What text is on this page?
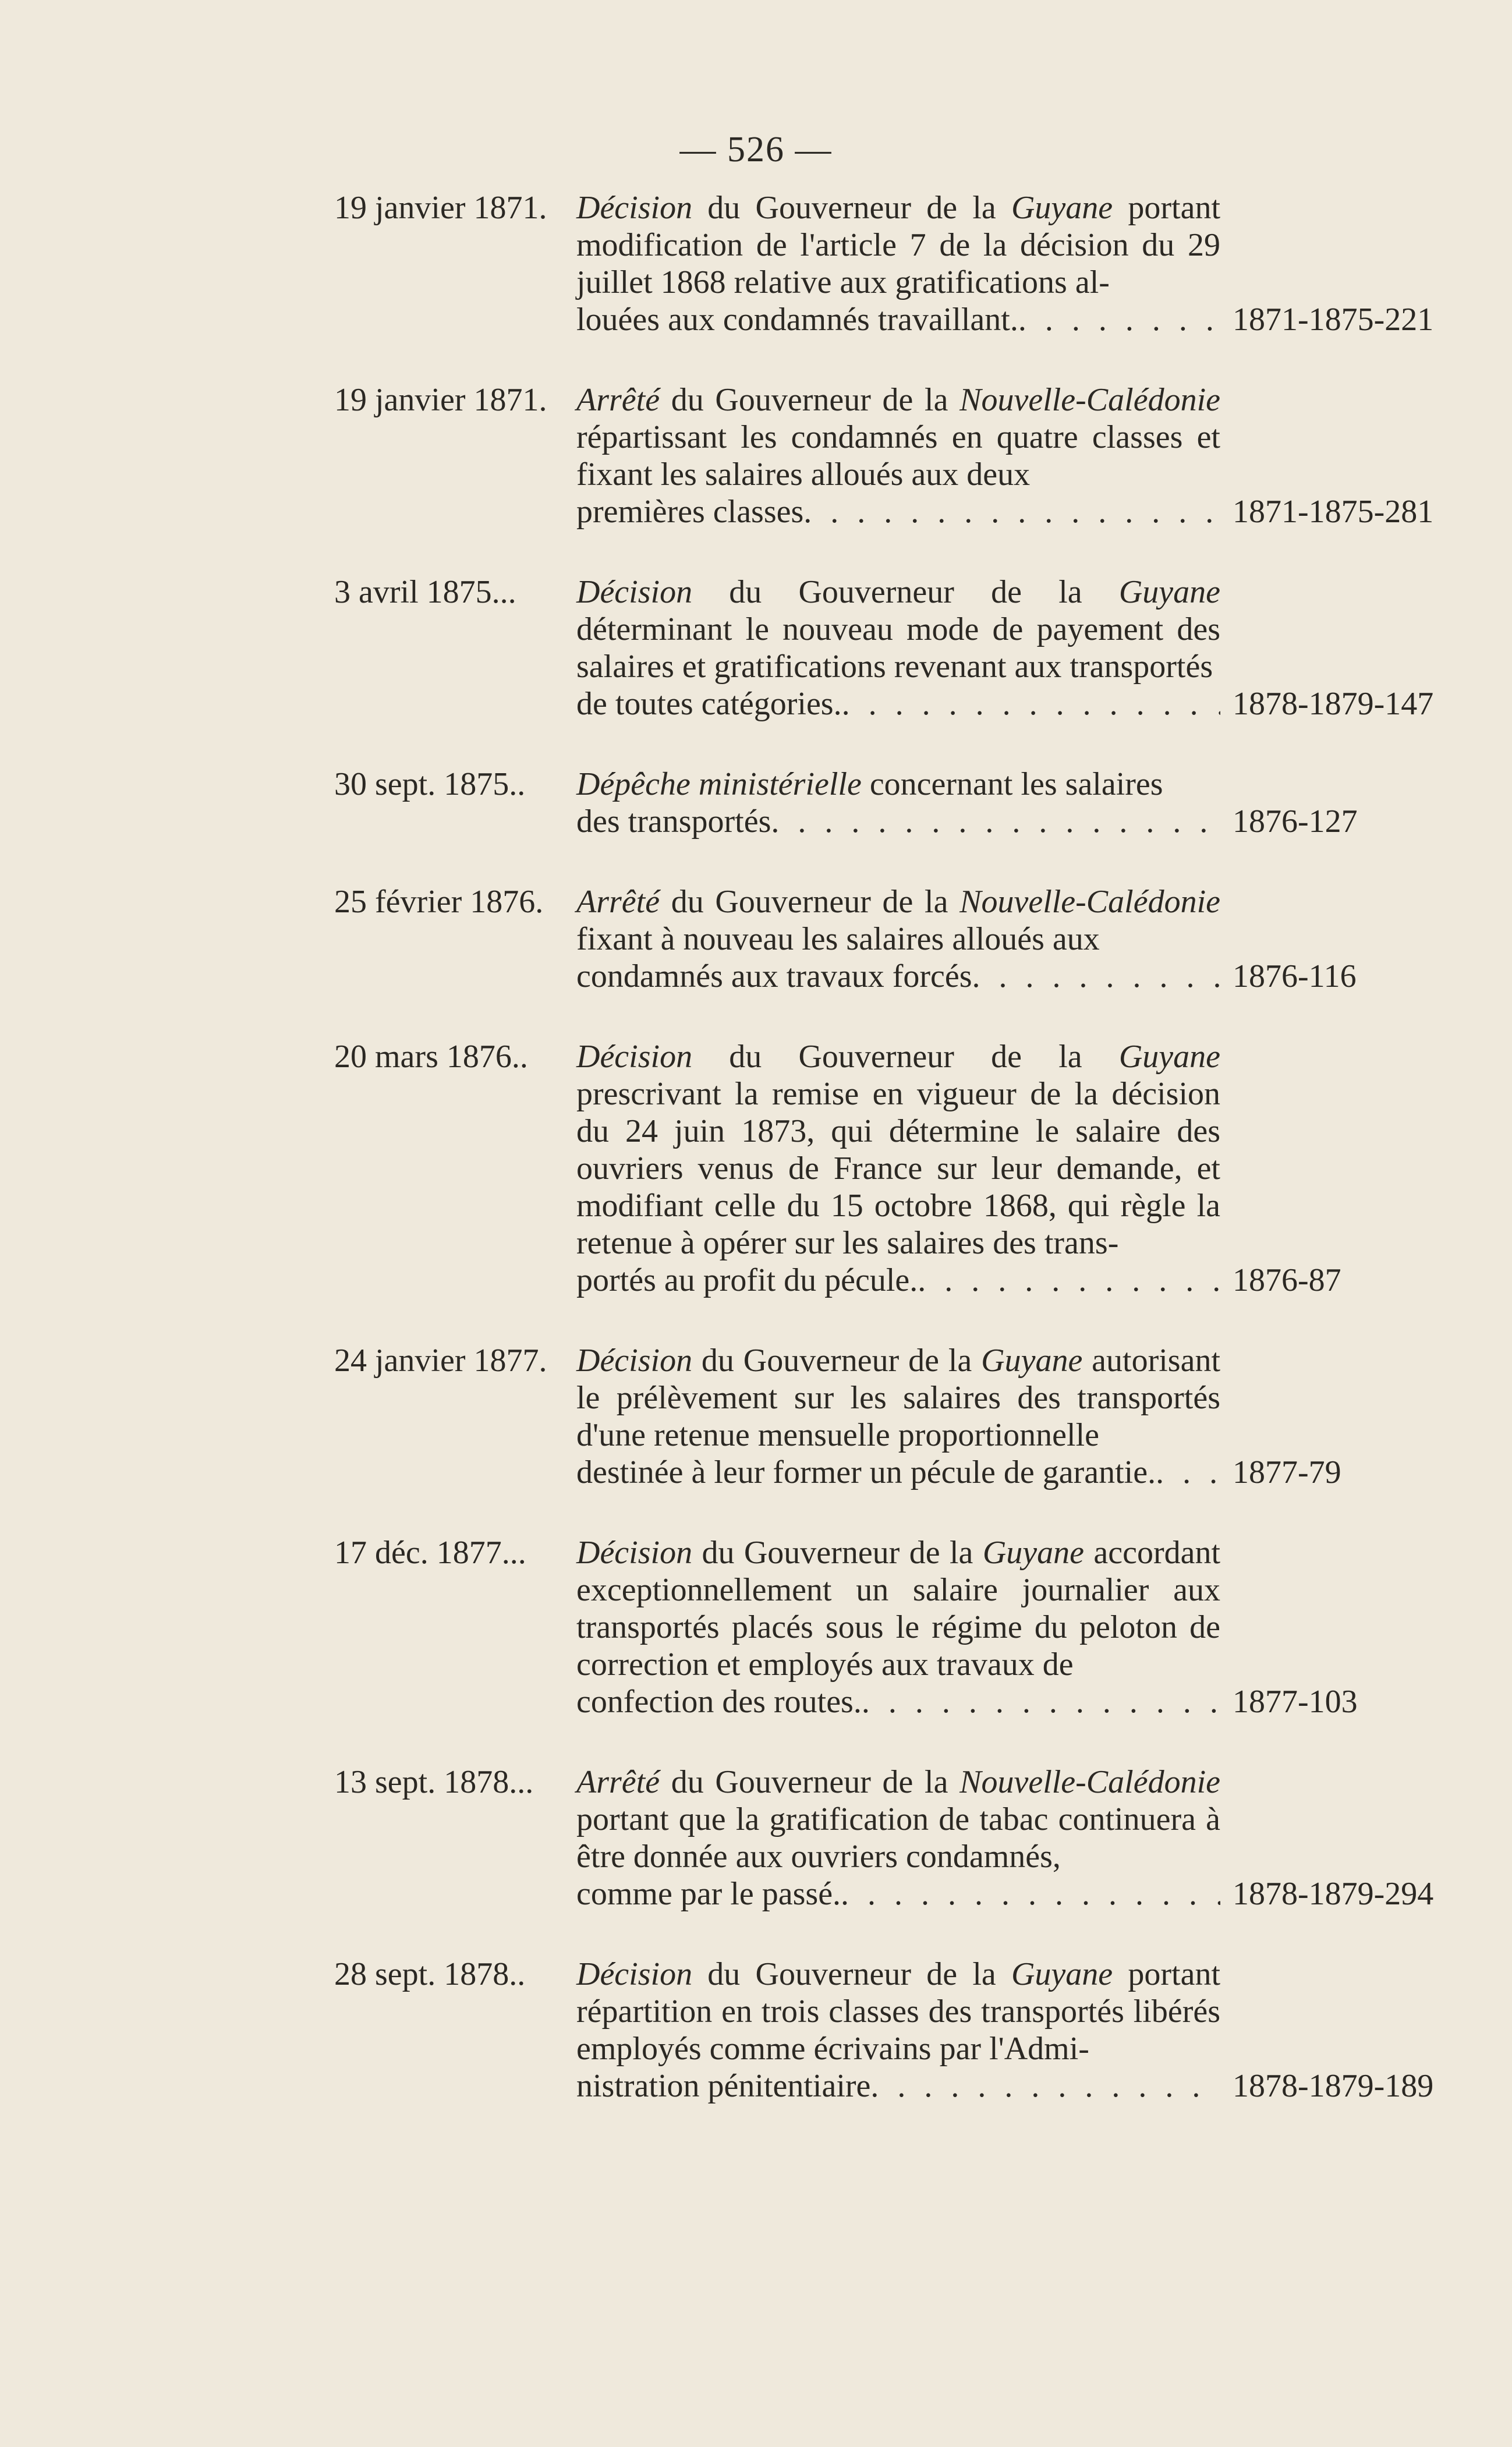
— 526 —
19 janvier 1871. Décision du Gouverneur de la Guyane portant modification de l'article 7 de la décision du 29 juillet 1868 relative aux gratifications al-
louées aux condamnés travaillant. . . .	1871-1875-221
19 janvier 1871. Arrêté du Gouverneur de la Nouvelle-Calédonie répartissant les condamnés en quatre classes et fixant les salaires alloués aux deux
premières classes . . .	1871-1875-281
3 avril 1875... Décision du Gouverneur de la Guyane déterminant le nouveau mode de payement des salaires et gratifications revenant aux transportés
de toutes catégories. . . .	1878-1879-147
30 sept. 1875.. Dépêche ministérielle concernant les salaires
des transportés . . .	1876-127
25 février 1876. Arrêté du Gouverneur de la Nouvelle-Calédonie fixant à nouveau les salaires alloués aux
condamnés aux travaux forcés . . .	1876-116
20 mars 1876.. Décision du Gouverneur de la Guyane prescrivant la remise en vigueur de la décision du 24 juin 1873, qui détermine le salaire des ouvriers venus de France sur leur demande, et modifiant celle du 15 octobre 1868, qui règle la retenue à opérer sur les salaires des trans-
portés au profit du pécule. . . .	1876-87
24 janvier 1877. Décision du Gouverneur de la Guyane autorisant le prélèvement sur les salaires des transportés d'une retenue mensuelle proportionnelle
destinée à leur former un pécule de garantie. . . . 1877-79
17 déc. 1877... Décision du Gouverneur de la Guyane accordant exceptionnellement un salaire journalier aux transportés placés sous le régime du peloton de correction et employés aux travaux de
confection des routes. . . .	1877-103
13 sept. 1878... Arrêté du Gouverneur de la Nouvelle-Calédonie portant que la gratification de tabac continuera à être donnée aux ouvriers condamnés,
comme par le passé. . . .	1878-1879-294
28 sept. 1878.. Décision du Gouverneur de la Guyane portant répartition en trois classes des transportés libérés employés comme écrivains par l'Admi-
nistration pénitentiaire . . .	1878-1879-189
